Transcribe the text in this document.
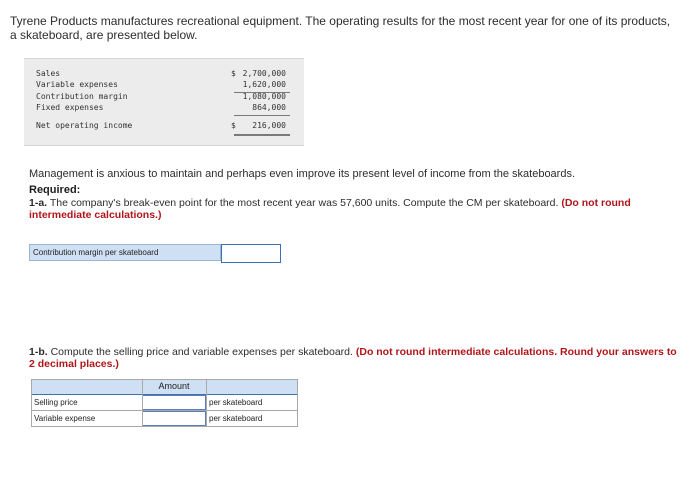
Tyrene Products manufactures recreational equipment. The operating results for the most recent year for one of its products, a skateboard, are presented below.

Sales	$ 2,700,000
Variable expenses	1,620,000
Contribution margin	1,080,000
Fixed expenses	864,000
Net operating income	$ 216,000

Management is anxious to maintain and perhaps even improve its present level of income from the skateboards.

Required:

1-a. The company's break-even point for the most recent year was 57,600 units. Compute the CM per skateboard. (Do not round intermediate calculations.)

Contribution margin per skateboard

1-b. Compute the selling price and variable expenses per skateboard. (Do not round intermediate calculations. Round your answers to 2 decimal places.)

Amount
Selling price	per skateboard
Variable expense	per skateboard
